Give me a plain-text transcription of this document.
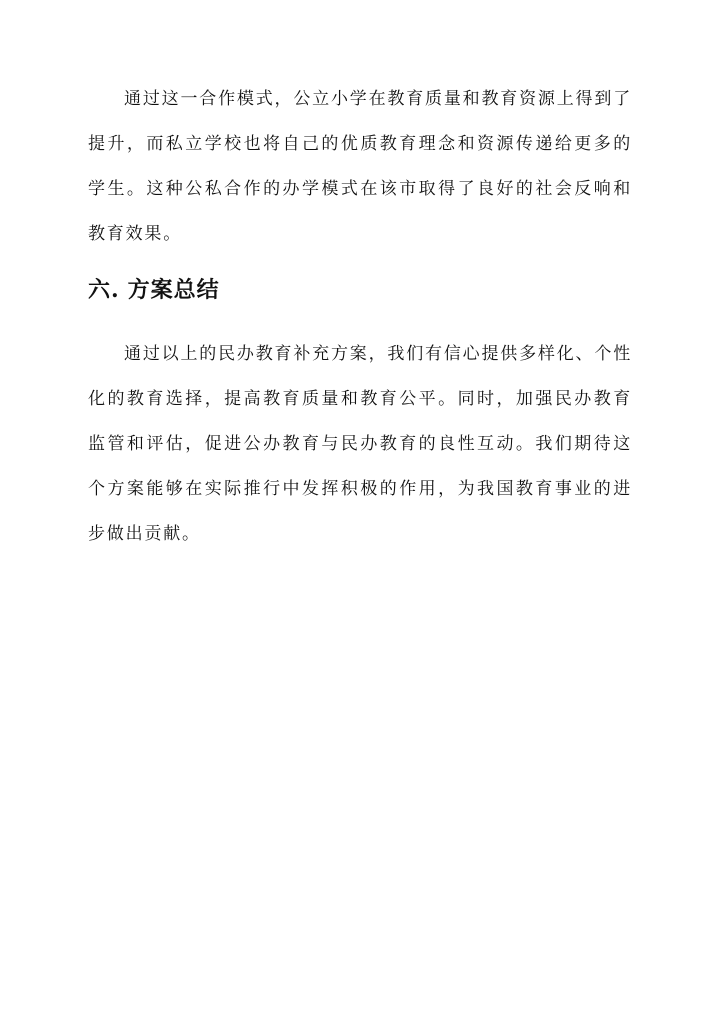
通过这一合作模式，公立小学在教育质量和教育资源上得到了提升，而私立学校也将自己的优质教育理念和资源传递给更多的学生。这种公私合作的办学模式在该市取得了良好的社会反响和教育效果。

六. 方案总结

通过以上的民办教育补充方案，我们有信心提供多样化、个性化的教育选择，提高教育质量和教育公平。同时，加强民办教育监管和评估，促进公办教育与民办教育的良性互动。我们期待这个方案能够在实际推行中发挥积极的作用，为我国教育事业的进步做出贡献。
